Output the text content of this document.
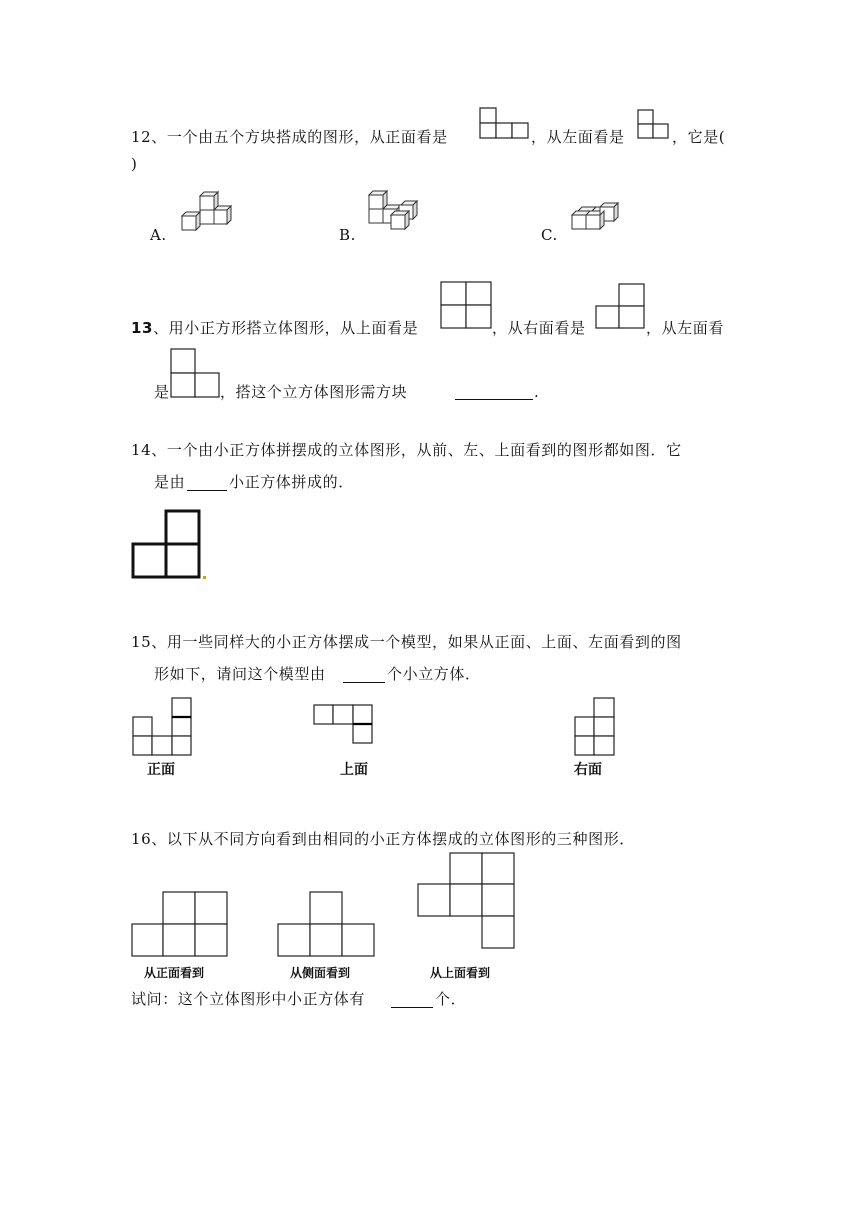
12、一个由五个方块搭成的图形，从正面看是	，从左面看是	，它是(
)
A.	B.	C.
13、用小正方形搭立体图形，从上面看是	，从右面看是	，从左面看
是	，搭这个立方体图形需方块	.
14、一个由小正方体拼摆成的立体图形，从前、左、上面看到的图形都如图．它
是由	小正方体拼成的．
15、用一些同样大的小正方体摆成一个模型，如果从正面、上面、左面看到的图
形如下，请问这个模型由	个小立方体．
正面	上面	右面
16、以下从不同方向看到由相同的小正方体摆成的立体图形的三种图形．
从正面看到	从侧面看到	从上面看到
试问：这个立体图形中小正方体有	个．
